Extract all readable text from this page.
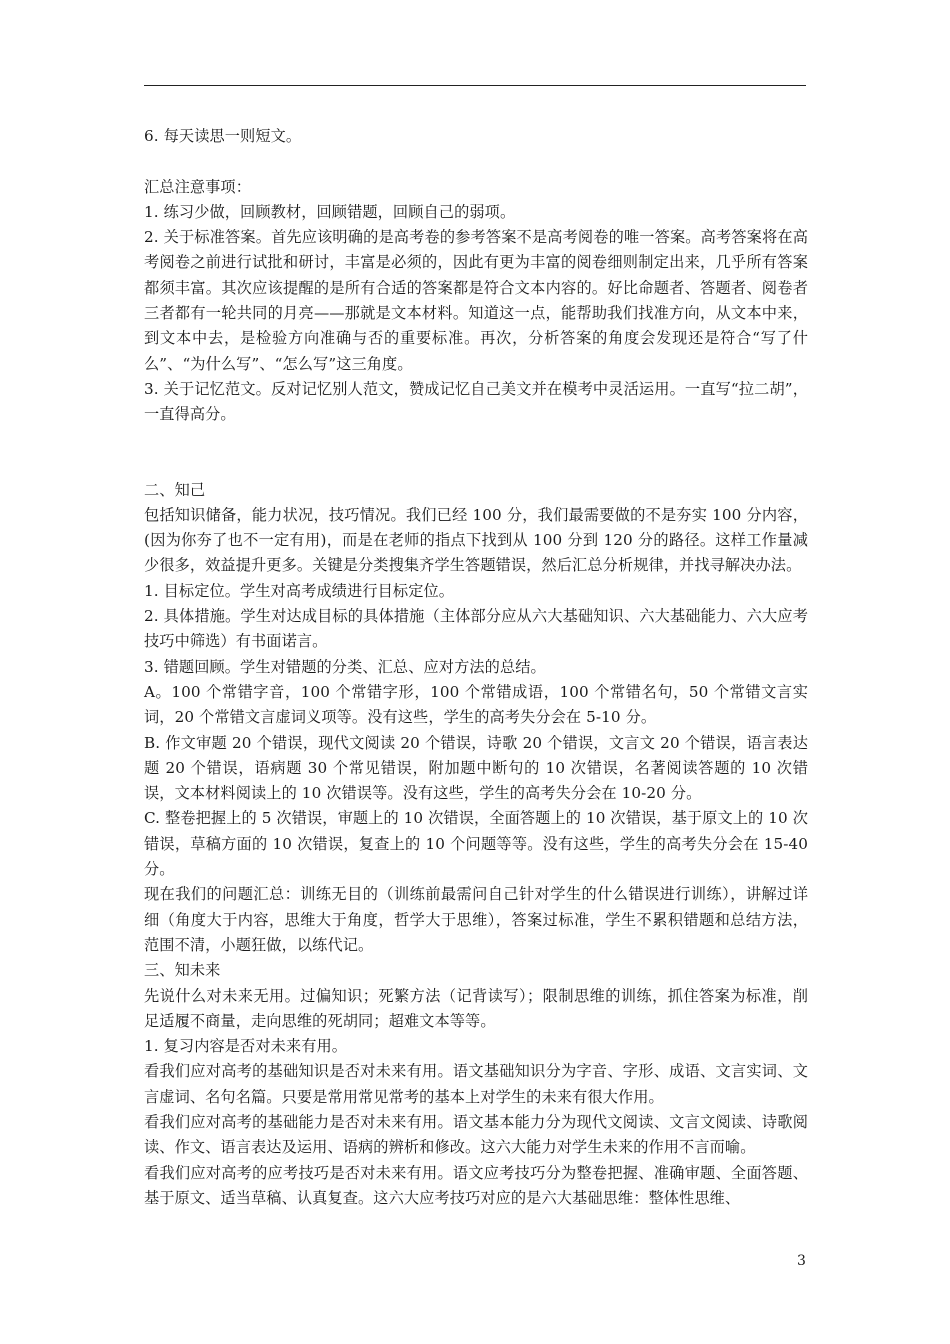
6. 每天读思一则短文。

汇总注意事项：

1. 练习少做，回顾教材，回顾错题，回顾自己的弱项。

2. 关于标准答案。首先应该明确的是高考卷的参考答案不是高考阅卷的唯一答案。高考答案将在高考阅卷之前进行试批和研讨，丰富是必须的，因此有更为丰富的阅卷细则制定出来，几乎所有答案都须丰富。其次应该提醒的是所有合适的答案都是符合文本内容的。好比命题者、答题者、阅卷者三者都有一轮共同的月亮——那就是文本材料。知道这一点，能帮助我们找准方向，从文本中来，到文本中去，是检验方向准确与否的重要标准。再次，分析答案的角度会发现还是符合“写了什么”、“为什么写”、“怎么写”这三角度。

3. 关于记忆范文。反对记忆别人范文，赞成记忆自己美文并在模考中灵活运用。一直写“拉二胡”，一直得高分。

二、知己

包括知识储备，能力状况，技巧情况。我们已经 100 分，我们最需要做的不是夯实 100 分内容，(因为你夯了也不一定有用)，而是在老师的指点下找到从 100 分到 120 分的路径。这样工作量减少很多，效益提升更多。关键是分类搜集齐学生答题错误，然后汇总分析规律，并找寻解决办法。

1. 目标定位。学生对高考成绩进行目标定位。

2. 具体措施。学生对达成目标的具体措施（主体部分应从六大基础知识、六大基础能力、六大应考技巧中筛选）有书面诺言。

3. 错题回顾。学生对错题的分类、汇总、应对方法的总结。

A。100 个常错字音，100 个常错字形，100 个常错成语，100 个常错名句，50 个常错文言实词，20 个常错文言虚词义项等。没有这些，学生的高考失分会在 5-10 分。

B. 作文审题 20 个错误，现代文阅读 20 个错误，诗歌 20 个错误，文言文 20 个错误，语言表达题 20 个错误，语病题 30 个常见错误，附加题中断句的 10 次错误，名著阅读答题的 10 次错误，文本材料阅读上的 10 次错误等。没有这些，学生的高考失分会在 10-20 分。

C. 整卷把握上的 5 次错误，审题上的 10 次错误，全面答题上的 10 次错误，基于原文上的 10 次错误，草稿方面的 10 次错误，复查上的 10 个问题等等。没有这些，学生的高考失分会在 15-40 分。

现在我们的问题汇总：训练无目的（训练前最需问自己针对学生的什么错误进行训练），讲解过详细（角度大于内容，思维大于角度，哲学大于思维），答案过标准，学生不累积错题和总结方法，范围不清，小题狂做，以练代记。

三、知未来

先说什么对未来无用。过偏知识；死繁方法（记背读写）；限制思维的训练，抓住答案为标准，削足适履不商量，走向思维的死胡同；超难文本等等。

1. 复习内容是否对未来有用。

看我们应对高考的基础知识是否对未来有用。语文基础知识分为字音、字形、成语、文言实词、文言虚词、名句名篇。只要是常用常见常考的基本上对学生的未来有很大作用。

看我们应对高考的基础能力是否对未来有用。语文基本能力分为现代文阅读、文言文阅读、诗歌阅读、作文、语言表达及运用、语病的辨析和修改。这六大能力对学生未来的作用不言而喻。

看我们应对高考的应考技巧是否对未来有用。语文应考技巧分为整卷把握、准确审题、全面答题、基于原文、适当草稿、认真复查。这六大应考技巧对应的是六大基础思维：整体性思维、

3
